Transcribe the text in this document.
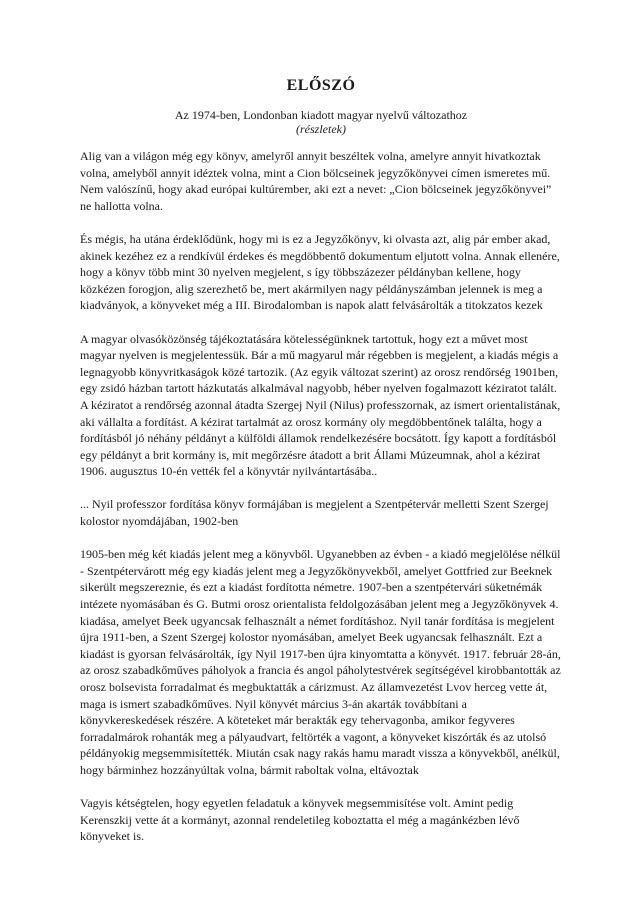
ELŐSZÓ

Az 1974-ben, Londonban kiadott magyar nyelvű változathoz

(részletek)

Alig van a világon még egy könyv, amelyről annyit beszéltek volna, amelyre annyit hivatkoztak volna, amelyből annyit idéztek volna, mint a Cion bölcseinek jegyzőkönyvei címen ismeretes mű. Nem valószínű, hogy akad európai kultúrember, aki ezt a nevet: „Cion bölcseinek jegyzőkönyvei” ne hallotta volna.

És mégis, ha utána érdeklődünk, hogy mi is ez a Jegyzőkönyv, ki olvasta azt, alig pár ember akad, akinek kezéhez ez a rendkívül érdekes és megdöbbentő dokumentum eljutott volna. Annak ellenére, hogy a könyv több mint 30 nyelven megjelent, s így többszázezer példányban kellene, hogy közkézen forogjon, alig szerezhető be, mert akármilyen nagy példányszámban jelennek is meg a kiadványok, a könyveket még a III. Birodalomban is napok alatt felvásárolták a titokzatos kezek

A magyar olvasóközönség tájékoztatására kötelességünknek tartottuk, hogy ezt a művet most magyar nyelven is megjelentessük. Bár a mű magyarul már régebben is megjelent, a kiadás mégis a legnagyobb könyvritkaságok közé tartozik. (Az egyik változat szerint) az orosz rendőrség 1901ben, egy zsidó házban tartott házkutatás alkalmával nagyobb, héber nyelven fogalmazott kéziratot talált. A kéziratot a rendőrség azonnal átadta Szergej Nyil (Nilus) professzornak, az ismert orientalistának, aki vállalta a fordítást. A kézirat tartalmát az orosz kormány oly megdöbbentőnek találta, hogy a fordításból jó néhány példányt a külföldi államok rendelkezésére bocsátott. Így kapott a fordításból egy példányt a brit kormány is, mit megőrzésre átadott a brit Állami Múzeumnak, ahol a kézirat 1906. augusztus 10-én vették fel a könyvtár nyilvántartásába..

... Nyil professzor fordítása könyv formájában is megjelent a Szentpétervár melletti Szent Szergej kolostor nyomdájában, 1902-ben

1905-ben még két kiadás jelent meg a könyvből. Ugyanebben az évben - a kiadó megjelölése nélkül - Szentpétervárott még egy kiadás jelent meg a Jegyzőkönyvekből, amelyet Gottfried zur Beeknek sikerült megszereznie, és ezt a kiadást fordította németre. 1907-ben a szentpétervári süketnémák intézete nyomásában és G. Butmi orosz orientalista feldolgozásában jelent meg a Jegyzőkönyvek 4. kiadása, amelyet Beek ugyancsak felhasznált a német fordításhoz. Nyil tanár fordítása is megjelent újra 1911-ben, a Szent Szergej kolostor nyomásában, amelyet Beek ugyancsak felhasznált. Ezt a kiadást is gyorsan felvásárolták, így Nyil 1917-ben újra kinyomtatta a könyvét. 1917. február 28-án, az orosz szabadkőműves páholyok a francia és angol páholytestvérek segítségével kirobbantották az orosz bolsevista forradalmat és megbuktatták a cárizmust. Az államvezetést Lvov herceg vette át, maga is ismert szabadkőműves. Nyil könyvét március 3-án akarták továbbítani a könyvkereskedések részére. A köteteket már berakták egy tehervagonba, amikor fegyveres forradalmárok rohanták meg a pályaudvart, feltörték a vagont, a könyveket kiszórták és az utolsó példányokig megsemmisítették. Miután csak nagy rakás hamu maradt vissza a könyvekből, anélkül, hogy bárminhez hozzányúltak volna, bármit raboltak volna, eltávoztak

Vagyis kétségtelen, hogy egyetlen feladatuk a könyvek megsemmisítése volt. Amint pedig Kerenszkij vette át a kormányt, azonnal rendeletileg koboztatta el még a magánkézben lévő könyveket is.
